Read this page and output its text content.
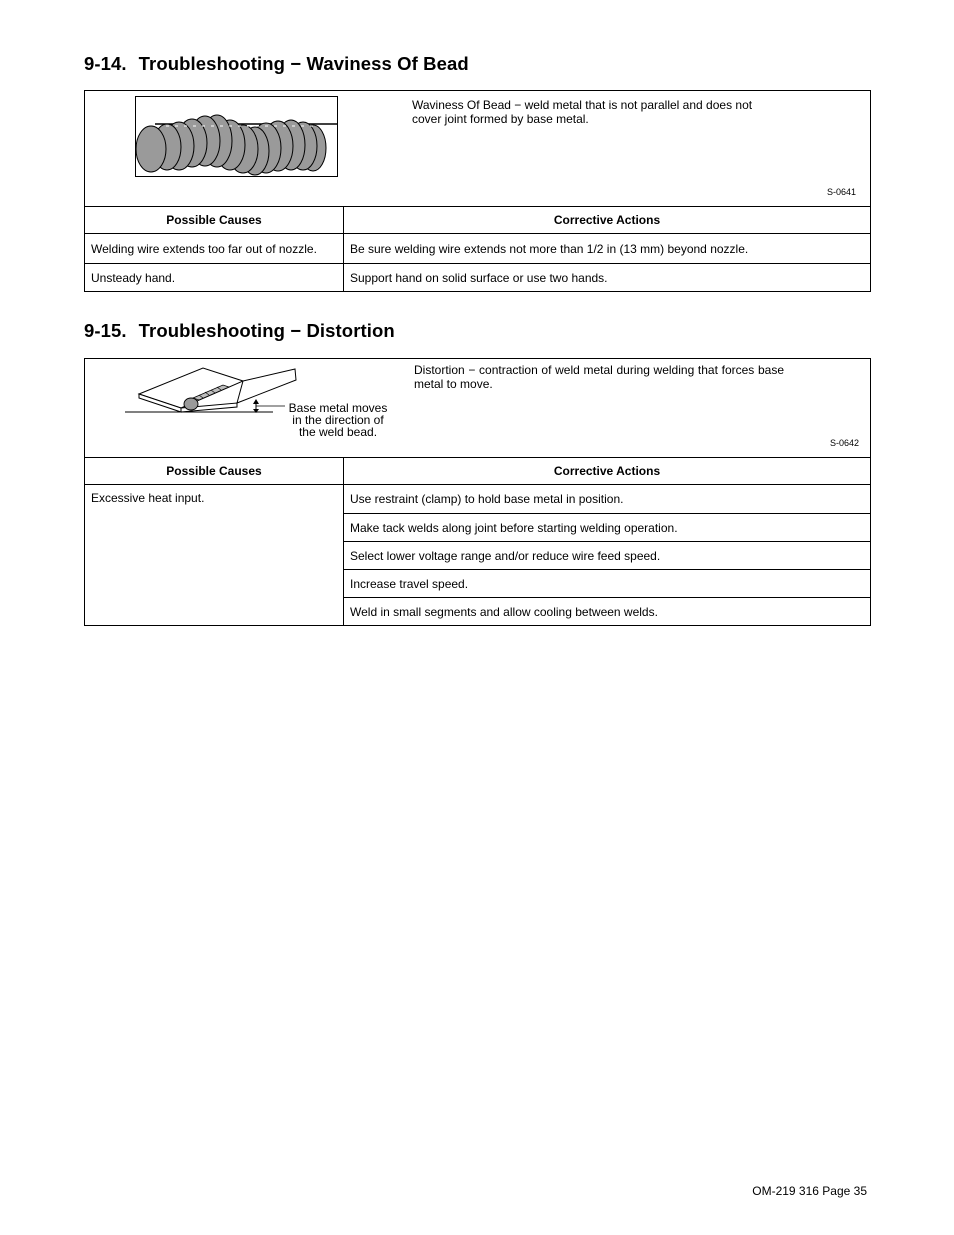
9-14. Troubleshooting − Waviness Of Bead
Waviness Of Bead − weld metal that is not parallel and does not cover joint formed by base metal.
S-0641
Possible Causes	Corrective Actions
Welding wire extends too far out of nozzle.	Be sure welding wire extends not more than 1/2 in (13 mm) beyond nozzle.
Unsteady hand.	Support hand on solid surface or use two hands.
9-15. Troubleshooting − Distortion
Base metal moves in the direction of the weld bead.
Distortion − contraction of weld metal during welding that forces base metal to move.
S-0642
Possible Causes	Corrective Actions
Excessive heat input.	Use restraint (clamp) to hold base metal in position.
	Make tack welds along joint before starting welding operation.
	Select lower voltage range and/or reduce wire feed speed.
	Increase travel speed.
	Weld in small segments and allow cooling between welds.
OM-219 316 Page 35
